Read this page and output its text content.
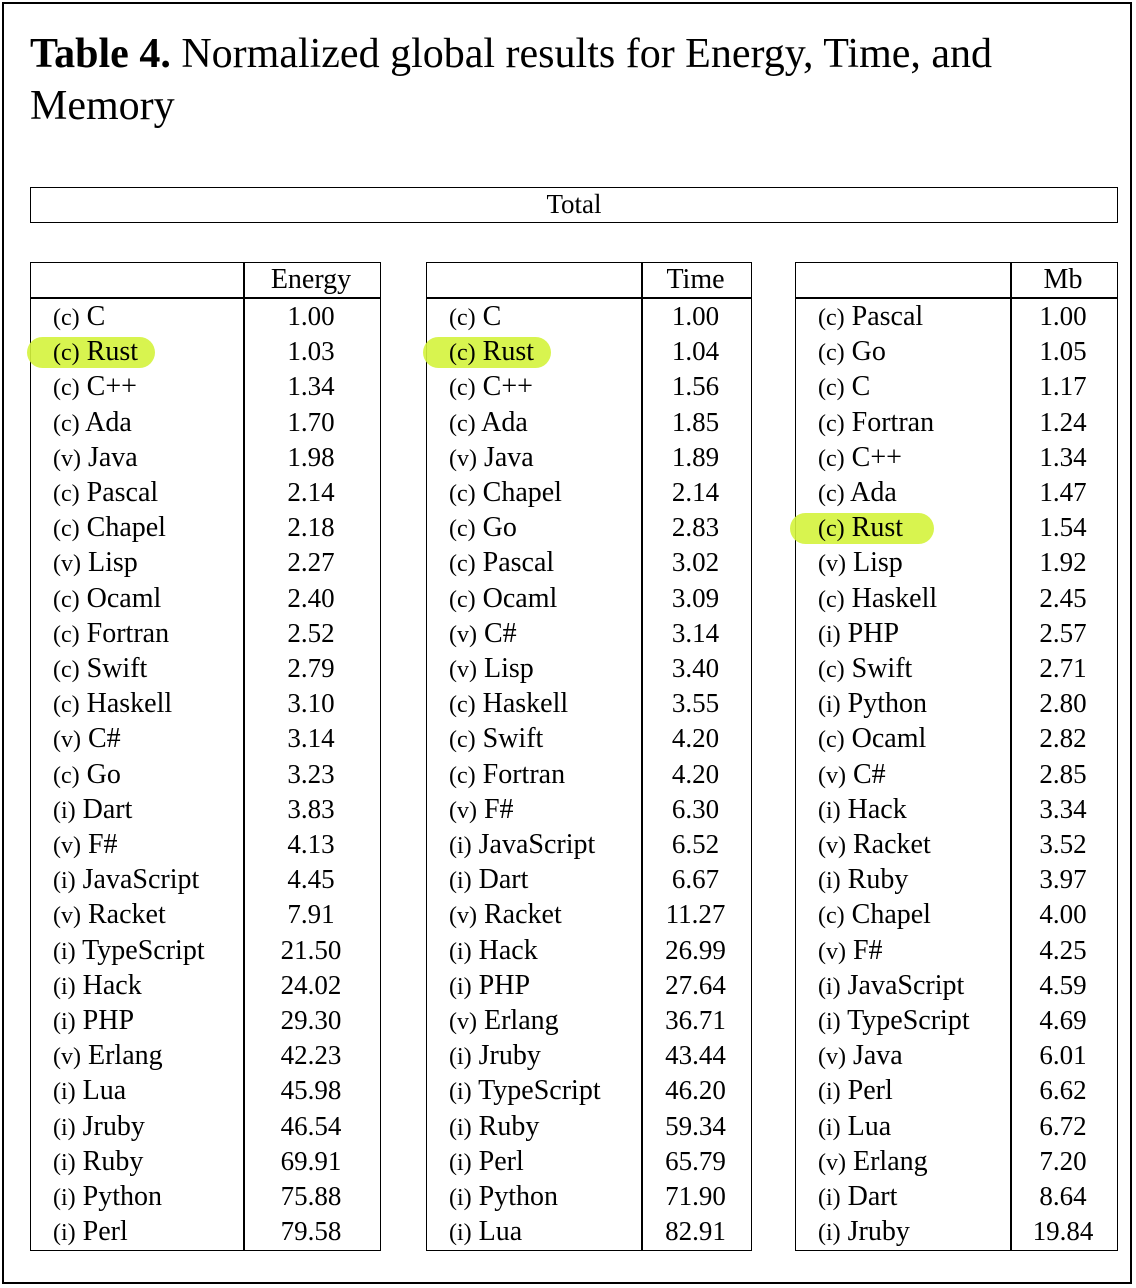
Table 4. Normalized global results for Energy, Time, and Memory

Total
Energy
(c) C	1.00
(c) Rust	1.03
(c) C++	1.34
(c) Ada	1.70
(v) Java	1.98
(c) Pascal	2.14
(c) Chapel	2.18
(v) Lisp	2.27
(c) Ocaml	2.40
(c) Fortran	2.52
(c) Swift	2.79
(c) Haskell	3.10
(v) C#	3.14
(c) Go	3.23
(i) Dart	3.83
(v) F#	4.13
(i) JavaScript	4.45
(v) Racket	7.91
(i) TypeScript	21.50
(i) Hack	24.02
(i) PHP	29.30
(v) Erlang	42.23
(i) Lua	45.98
(i) Jruby	46.54
(i) Ruby	69.91
(i) Python	75.88
(i) Perl	79.58
Time
(c) C	1.00
(c) Rust	1.04
(c) C++	1.56
(c) Ada	1.85
(v) Java	1.89
(c) Chapel	2.14
(c) Go	2.83
(c) Pascal	3.02
(c) Ocaml	3.09
(v) C#	3.14
(v) Lisp	3.40
(c) Haskell	3.55
(c) Swift	4.20
(c) Fortran	4.20
(v) F#	6.30
(i) JavaScript	6.52
(i) Dart	6.67
(v) Racket	11.27
(i) Hack	26.99
(i) PHP	27.64
(v) Erlang	36.71
(i) Jruby	43.44
(i) TypeScript	46.20
(i) Ruby	59.34
(i) Perl	65.79
(i) Python	71.90
(i) Lua	82.91
Mb
(c) Pascal	1.00
(c) Go	1.05
(c) C	1.17
(c) Fortran	1.24
(c) C++	1.34
(c) Ada	1.47
(c) Rust	1.54
(v) Lisp	1.92
(c) Haskell	2.45
(i) PHP	2.57
(c) Swift	2.71
(i) Python	2.80
(c) Ocaml	2.82
(v) C#	2.85
(i) Hack	3.34
(v) Racket	3.52
(i) Ruby	3.97
(c) Chapel	4.00
(v) F#	4.25
(i) JavaScript	4.59
(i) TypeScript	4.69
(v) Java	6.01
(i) Perl	6.62
(i) Lua	6.72
(v) Erlang	7.20
(i) Dart	8.64
(i) Jruby	19.84
